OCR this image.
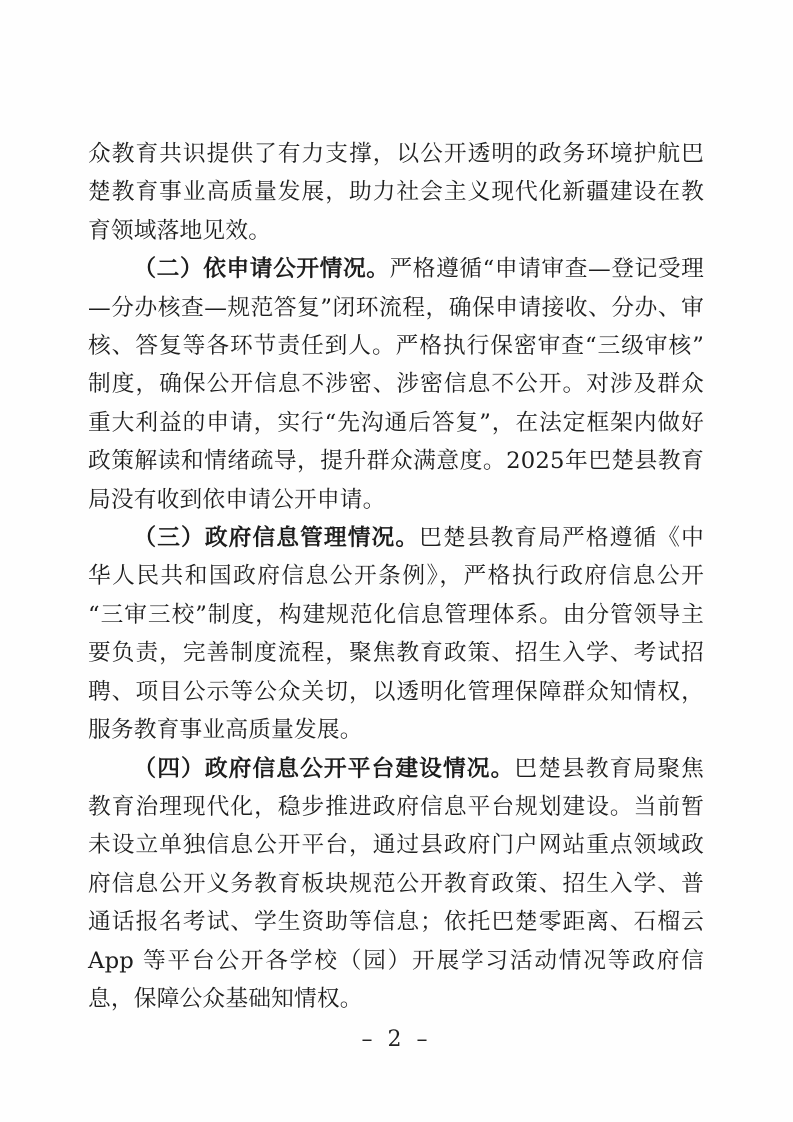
众教育共识提供了有力支撑，以公开透明的政务环境护航巴楚教育事业高质量发展，助力社会主义现代化新疆建设在教育领域落地见效。

（二）依申请公开情况。严格遵循“申请审查—登记受理—分办核查—规范答复”闭环流程，确保申请接收、分办、审核、答复等各环节责任到人。严格执行保密审查“三级审核”制度，确保公开信息不涉密、涉密信息不公开。对涉及群众重大利益的申请，实行“先沟通后答复”，在法定框架内做好政策解读和情绪疏导，提升群众满意度。2025年巴楚县教育局没有收到依申请公开申请。

（三）政府信息管理情况。巴楚县教育局严格遵循《中华人民共和国政府信息公开条例》，严格执行政府信息公开“三审三校”制度，构建规范化信息管理体系。由分管领导主要负责，完善制度流程，聚焦教育政策、招生入学、考试招聘、项目公示等公众关切，以透明化管理保障群众知情权，服务教育事业高质量发展。

（四）政府信息公开平台建设情况。巴楚县教育局聚焦教育治理现代化，稳步推进政府信息平台规划建设。当前暂未设立单独信息公开平台，通过县政府门户网站重点领域政府信息公开义务教育板块规范公开教育政策、招生入学、普通话报名考试、学生资助等信息；依托巴楚零距离、石榴云 App 等平台公开各学校（园）开展学习活动情况等政府信息，保障公众基础知情权。

– 2 –
